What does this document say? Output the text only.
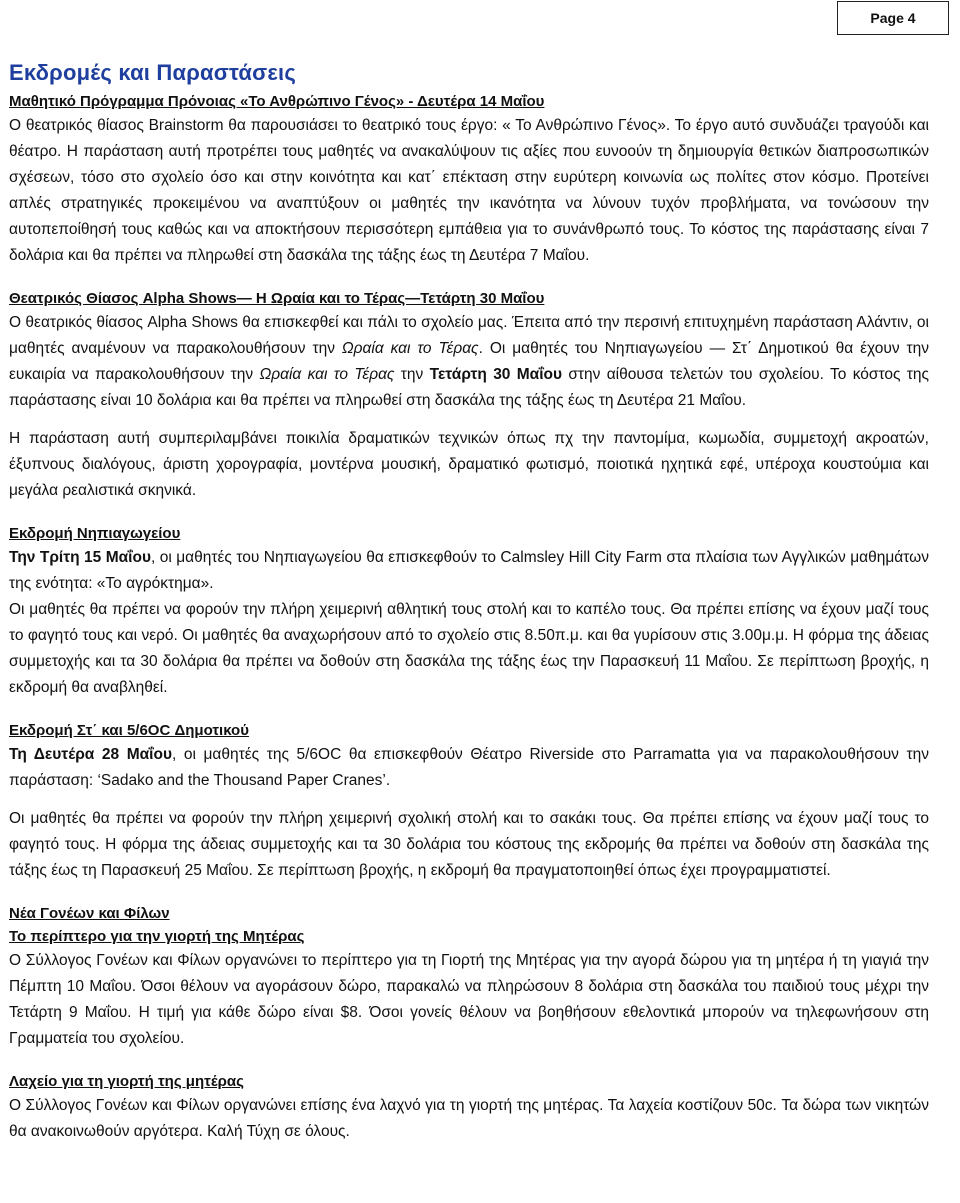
Page 4
Εκδρομές και Παραστάσεις
Μαθητικό Πρόγραμμα Πρόνοιας «Το Ανθρώπινο Γένος» - Δευτέρα 14 Μαΐου

Ο θεατρικός θίασος Brainstorm θα παρουσιάσει το θεατρικό τους έργο: « Το Ανθρώπινο Γένος». Το έργο αυτό συνδυάζει τραγούδι και θέατρο. Η παράσταση αυτή προτρέπει τους μαθητές να ανακαλύψουν τις αξίες που ευνοούν τη δημιουργία θετικών διαπροσωπικών σχέσεων, τόσο στο σχολείο όσο και στην κοινότητα και κατ΄ επέκταση στην ευρύτερη κοινωνία ως πολίτες στον κόσμο. Προτείνει απλές στρατηγικές προκειμένου να αναπτύξουν οι μαθητές την ικανότητα να λύνουν τυχόν προβλήματα, να τονώσουν την αυτοπεποίθησή τους καθώς και να αποκτήσουν περισσότερη εμπάθεια για το συνάνθρωπό τους. Το κόστος της παράστασης είναι 7 δολάρια και θα πρέπει να πληρωθεί στη δασκάλα της τάξης έως τη Δευτέρα 7 Μαΐου.

Θεατρικός Θίασος Alpha Shows— Η Ωραία και το Τέρας—Τετάρτη 30 Μαΐου

Ο θεατρικός θίασος Alpha Shows θα επισκεφθεί και πάλι το σχολείο μας. Έπειτα από την περσινή επιτυχημένη παράσταση Αλάντιν, οι μαθητές αναμένουν να παρακολουθήσουν την Ωραία και το Τέρας. Οι μαθητές του Νηπιαγωγείου — Στ΄ Δημοτικού θα έχουν την ευκαιρία να παρακολουθήσουν την Ωραία και το Τέρας την Τετάρτη 30 Μαΐου στην αίθουσα τελετών του σχολείου. Το κόστος της παράστασης είναι 10 δολάρια και θα πρέπει να πληρωθεί στη δασκάλα της τάξης έως τη Δευτέρα 21 Μαΐου.

Η παράσταση αυτή συμπεριλαμβάνει ποικιλία δραματικών τεχνικών όπως πχ την παντομίμα, κωμωδία, συμμετοχή ακροατών, έξυπνους διαλόγους, άριστη χορογραφία, μοντέρνα μουσική, δραματικό φωτισμό, ποιοτικά ηχητικά εφέ, υπέροχα κουστούμια και μεγάλα ρεαλιστικά σκηνικά.

Εκδρομή Νηπιαγωγείου

Την Τρίτη 15 Μαΐου, οι μαθητές του Νηπιαγωγείου θα επισκεφθούν το Calmsley Hill City Farm στα πλαίσια των Αγγλικών μαθημάτων της ενότητα: «Το αγρόκτημα».

Οι μαθητές θα πρέπει να φορούν την πλήρη χειμερινή αθλητική τους στολή και το καπέλο τους. Θα πρέπει επίσης να έχουν μαζί τους το φαγητό τους και νερό. Οι μαθητές θα αναχωρήσουν από το σχολείο στις 8.50π.μ. και θα γυρίσουν στις 3.00μ.μ. Η φόρμα της άδειας συμμετοχής και τα 30 δολάρια θα πρέπει να δοθούν στη δασκάλα της τάξης έως την Παρασκευή 11 Μαΐου. Σε περίπτωση βροχής, η εκδρομή θα αναβληθεί.

Εκδρομή Στ΄ και 5/6ΟC Δημοτικού

Τη Δευτέρα 28 Μαΐου, οι μαθητές της 5/6ΟC θα επισκεφθούν Θέατρο Riverside στο Parramatta για να παρακολουθήσουν την παράσταση: ‘Sadako and the Thousand Paper Cranes’.

Οι μαθητές θα πρέπει να φορούν την πλήρη χειμερινή σχολική στολή και το σακάκι τους. Θα πρέπει επίσης να έχουν μαζί τους το φαγητό τους. Η φόρμα της άδειας συμμετοχής και τα 30 δολάρια του κόστους της εκδρομής θα πρέπει να δοθούν στη δασκάλα της τάξης έως τη Παρασκευή 25 Μαΐου. Σε περίπτωση βροχής, η εκδρομή θα πραγματοποιηθεί όπως έχει προγραμματιστεί.

Νέα Γονέων και Φίλων
Το περίπτερο για την γιορτή της Μητέρας

Ο Σύλλογος Γονέων και Φίλων οργανώνει το περίπτερο για τη Γιορτή της Μητέρας για την αγορά δώρου για τη μητέρα ή τη γιαγιά την Πέμπτη 10 Μαΐου. Όσοι θέλουν να αγοράσουν δώρο, παρακαλώ να πληρώσουν 8 δολάρια στη δασκάλα του παιδιού τους μέχρι την Τετάρτη 9 Μαΐου. Η τιμή για κάθε δώρο είναι $8. Όσοι γονείς θέλουν να βοηθήσουν εθελοντικά μπορούν να τηλεφωνήσουν στη Γραμματεία του σχολείου.

Λαχείο για τη γιορτή της μητέρας

Ο Σύλλογος Γονέων και Φίλων οργανώνει επίσης ένα λαχνό για τη γιορτή της μητέρας. Τα λαχεία κοστίζουν 50c. Τα δώρα των νικητών θα ανακοινωθούν αργότερα. Καλή Τύχη σε όλους.
